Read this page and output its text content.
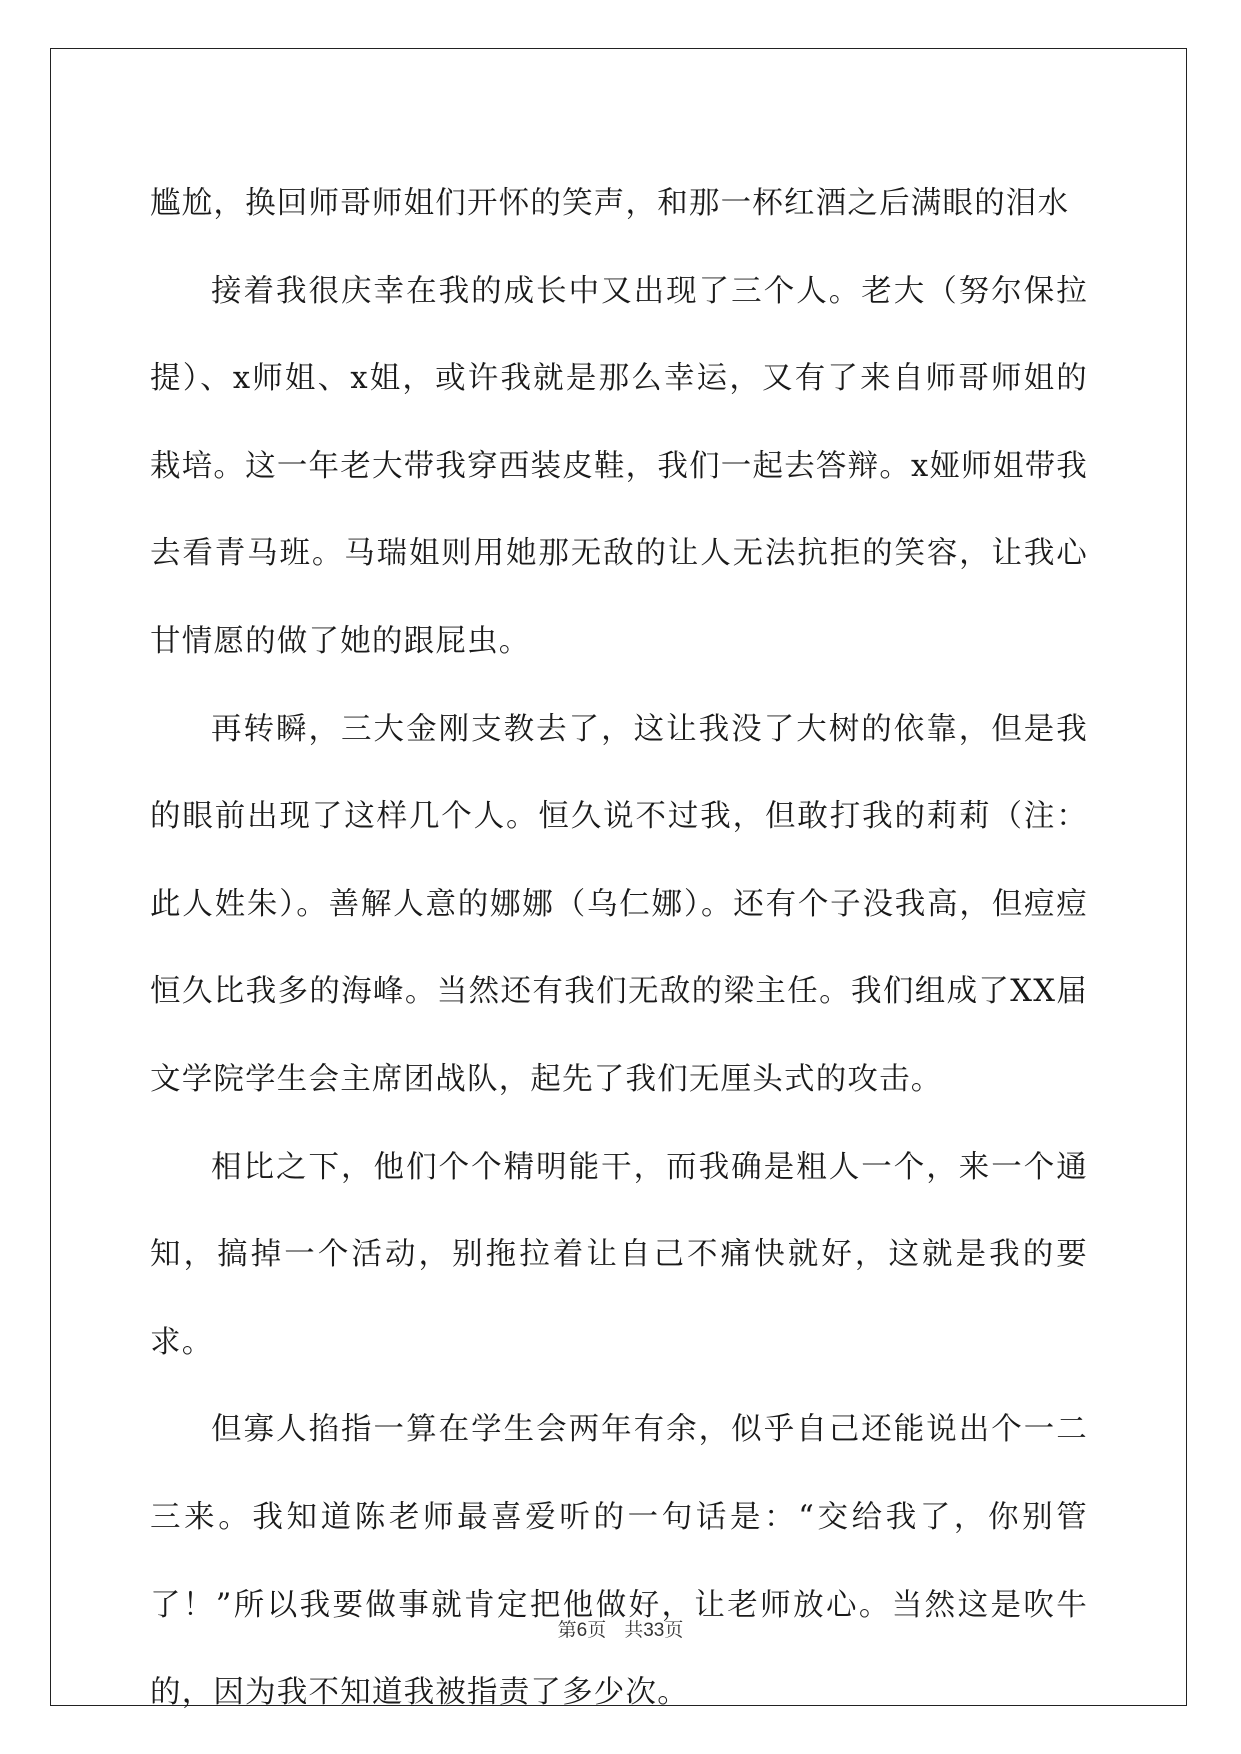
尴尬，换回师哥师姐们开怀的笑声，和那一杯红酒之后满眼的泪水

接着我很庆幸在我的成长中又出现了三个人。老大（努尔保拉提）、x师姐、x姐，或许我就是那么幸运，又有了来自师哥师姐的栽培。这一年老大带我穿西装皮鞋，我们一起去答辩。x娅师姐带我去看青马班。马瑞姐则用她那无敌的让人无法抗拒的笑容，让我心甘情愿的做了她的跟屁虫。

再转瞬，三大金刚支教去了，这让我没了大树的依靠，但是我的眼前出现了这样几个人。恒久说不过我，但敢打我的莉莉（注：此人姓朱）。善解人意的娜娜（乌仁娜）。还有个子没我高，但痘痘恒久比我多的海峰。当然还有我们无敌的梁主任。我们组成了XX届文学院学生会主席团战队，起先了我们无厘头式的攻击。

相比之下，他们个个精明能干，而我确是粗人一个，来一个通知，搞掉一个活动，别拖拉着让自己不痛快就好，这就是我的要求。

但寡人掐指一算在学生会两年有余，似乎自己还能说出个一二三来。我知道陈老师最喜爱听的一句话是：“交给我了，你别管了！”所以我要做事就肯定把他做好，让老师放心。当然这是吹牛的，因为我不知道我被指责了多少次。

第6页 共33页
